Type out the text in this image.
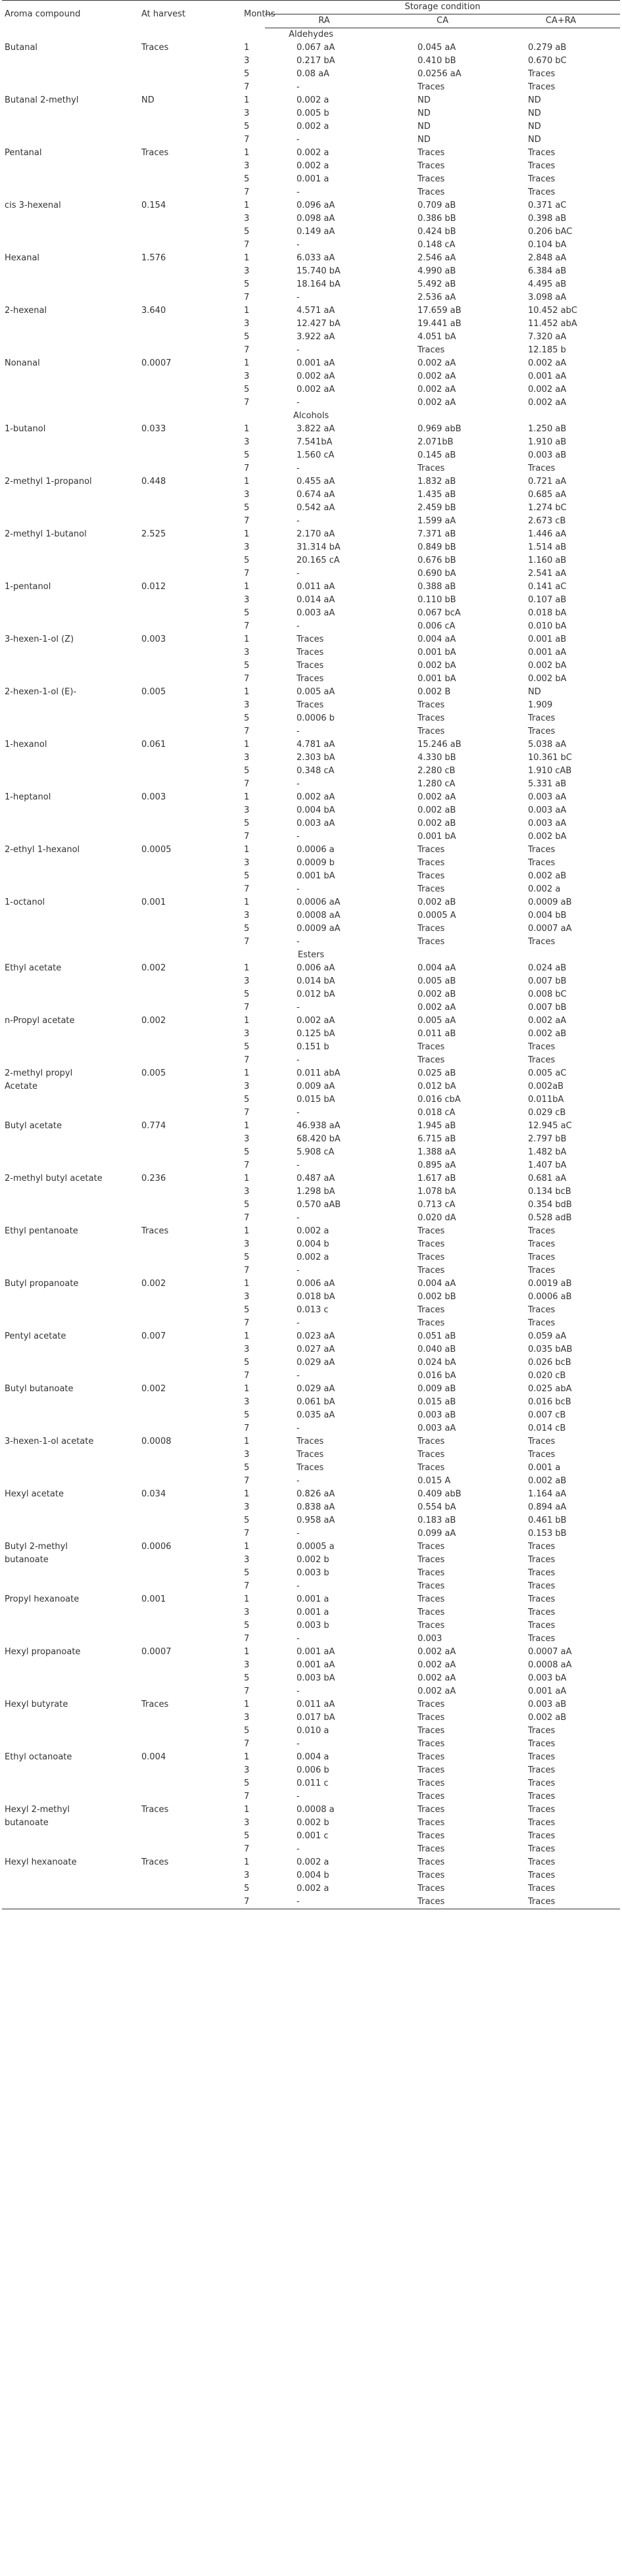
Aroma compound	At harvest	Months	Storage condition		
			RA	CA	CA+RA
Aldehydes					
Butanal	Traces	1	0.067 aA	0.045 aA	0.279 aB
		3	0.217 bA	0.410 bB	0.670 bC
		5	0.08 aA	0.0256 aA	Traces
		7	-	Traces	Traces
Butanal 2-methyl	ND	1	0.002 a	ND	ND
		3	0.005 b	ND	ND
		5	0.002 a	ND	ND
		7	-	ND	ND
Pentanal	Traces	1	0.002 a	Traces	Traces
		3	0.002 a	Traces	Traces
		5	0.001 a	Traces	Traces
		7	-	Traces	Traces
cis 3-hexenal	0.154	1	0.096 aA	0.709 aB	0.371 aC
		3	0.098 aA	0.386 bB	0.398 aB
		5	0.149 aA	0.424 bB	0.206 bAC
		7	-	0.148 cA	0.104 bA
Hexanal	1.576	1	6.033 aA	2.546 aA	2.848 aA
		3	15.740 bA	4.990 aB	6.384 aB
		5	18.164 bA	5.492 aB	4.495 aB
		7	-	2.536 aA	3.098 aA
2-hexenal	3.640	1	4.571 aA	17.659 aB	10.452 abC
		3	12.427 bA	19.441 aB	11.452 abA
		5	3.922 aA	4.051 bA	7.320 aA
		7	-	Traces	12.185 b
Nonanal	0.0007	1	0.001 aA	0.002 aA	0.002 aA
		3	0.002 aA	0.002 aA	0.001 aA
		5	0.002 aA	0.002 aA	0.002 aA
		7	-	0.002 aA	0.002 aA
Alcohols					
1-butanol	0.033	1	3.822 aA	0.969 abB	1.250 aB
		3	7.541bA	2.071bB	1.910 aB
		5	1.560 cA	0.145 aB	0.003 aB
		7	-	Traces	Traces
2-methyl 1-propanol	0.448	1	0.455 aA	1.832 aB	0.721 aA
		3	0.674 aA	1.435 aB	0.685 aA
		5	0.542 aA	2.459 bB	1.274 bC
		7	-	1.599 aA	2.673 cB
2-methyl 1-butanol	2.525	1	2.170 aA	7.371 aB	1.446 aA
		3	31.314 bA	0.849 bB	1.514 aB
		5	20.165 cA	0.676 bB	1.160 aB
		7	-	0.690 bA	2.541 aA
1-pentanol	0.012	1	0.011 aA	0.388 aB	0.141 aC
		3	0.014 aA	0.110 bB	0.107 aB
		5	0.003 aA	0.067 bcA	0.018 bA
		7	-	0.006 cA	0.010 bA
3-hexen-1-ol (Z)	0.003	1	Traces	0.004 aA	0.001 aB
		3	Traces	0.001 bA	0.001 aA
		5	Traces	0.002 bA	0.002 bA
		7	Traces	0.001 bA	0.002 bA
2-hexen-1-ol (E)-	0.005	1	0.005 aA	0.002 B	ND
		3	Traces	Traces	1.909
		5	0.0006 b	Traces	Traces
		7	-	Traces	Traces
1-hexanol	0.061	1	4.781 aA	15.246 aB	5.038 aA
		3	2.303 bA	4.330 bB	10.361 bC
		5	0.348 cA	2.280 cB	1.910 cAB
		7	-	1.280 cA	5.331 aB
1-heptanol	0.003	1	0.002 aA	0.002 aA	0.003 aA
		3	0.004 bA	0.002 aB	0.003 aA
		5	0.003 aA	0.002 aB	0.003 aA
		7	-	0.001 bA	0.002 bA
2-ethyl 1-hexanol	0.0005	1	0.0006 a	Traces	Traces
		3	0.0009 b	Traces	Traces
		5	0.001 bA	Traces	0.002 aB
		7	-	Traces	0.002 a
1-octanol	0.001	1	0.0006 aA	0.002 aB	0.0009 aB
		3	0.0008 aA	0.0005 A	0.004 bB
		5	0.0009 aA	Traces	0.0007 aA
		7	-	Traces	Traces
Esters					
Ethyl acetate	0.002	1	0.006 aA	0.004 aA	0.024 aB
		3	0.014 bA	0.005 aB	0.007 bB
		5	0.012 bA	0.002 aB	0.008 bC
		7	-	0.002 aA	0.007 bB
n-Propyl acetate	0.002	1	0.002 aA	0.005 aA	0.002 aA
		3	0.125 bA	0.011 aB	0.002 aB
		5	0.151 b	Traces	Traces
		7	-	Traces	Traces
2-methyl propyl	0.005	1	0.011 abA	0.025 aB	0.005 aC
Acetate		3	0.009 aA	0.012 bA	0.002aB
		5	0.015 bA	0.016 cbA	0.011bA
		7	-	0.018 cA	0.029 cB
Butyl acetate	0.774	1	46.938 aA	1.945 aB	12.945 aC
		3	68.420 bA	6.715 aB	2.797 bB
		5	5.908 cA	1.388 aA	1.482 bA
		7	-	0.895 aA	1.407 bA
2-methyl butyl acetate	0.236	1	0.487 aA	1.617 aB	0.681 aA
		3	1.298 bA	1.078 bA	0.134 bcB
		5	0.570 aAB	0.713 cA	0.354 bdB
		7	-	0.020 dA	0.528 adB
Ethyl pentanoate	Traces	1	0.002 a	Traces	Traces
		3	0.004 b	Traces	Traces
		5	0.002 a	Traces	Traces
		7	-	Traces	Traces
Butyl propanoate	0.002	1	0.006 aA	0.004 aA	0.0019 aB
		3	0.018 bA	0.002 bB	0.0006 aB
		5	0.013 c	Traces	Traces
		7	-	Traces	Traces
Pentyl acetate	0.007	1	0.023 aA	0.051 aB	0.059 aA
		3	0.027 aA	0.040 aB	0.035 bAB
		5	0.029 aA	0.024 bA	0.026 bcB
		7	-	0.016 bA	0.020 cB
Butyl butanoate	0.002	1	0.029 aA	0.009 aB	0.025 abA
		3	0.061 bA	0.015 aB	0.016 bcB
		5	0.035 aA	0.003 aB	0.007 cB
		7	-	0.003 aA	0.014 cB
3-hexen-1-ol acetate	0.0008	1	Traces	Traces	Traces
		3	Traces	Traces	Traces
		5	Traces	Traces	0.001 a
		7	-	0.015 A	0.002 aB
Hexyl acetate	0.034	1	0.826 aA	0.409 abB	1.164 aA
		3	0.838 aA	0.554 bA	0.894 aA
		5	0.958 aA	0.183 aB	0.461 bB
		7	-	0.099 aA	0.153 bB
Butyl 2-methyl	0.0006	1	0.0005 a	Traces	Traces
butanoate		3	0.002 b	Traces	Traces
		5	0.003 b	Traces	Traces
		7	-	Traces	Traces
Propyl hexanoate	0.001	1	0.001 a	Traces	Traces
		3	0.001 a	Traces	Traces
		5	0.003 b	Traces	Traces
		7	-	0.003	Traces
Hexyl propanoate	0.0007	1	0.001 aA	0.002 aA	0.0007 aA
		3	0.001 aA	0.002 aA	0.0008 aA
		5	0.003 bA	0.002 aA	0.003 bA
		7	-	0.002 aA	0.001 aA
Hexyl butyrate	Traces	1	0.011 aA	Traces	0.003 aB
		3	0.017 bA	Traces	0.002 aB
		5	0.010 a	Traces	Traces
		7	-	Traces	Traces
Ethyl octanoate	0.004	1	0.004 a	Traces	Traces
		3	0.006 b	Traces	Traces
		5	0.011 c	Traces	Traces
		7	-	Traces	Traces
Hexyl 2-methyl	Traces	1	0.0008 a	Traces	Traces
butanoate		3	0.002 b	Traces	Traces
		5	0.001 c	Traces	Traces
		7	-	Traces	Traces
Hexyl hexanoate	Traces	1	0.002 a	Traces	Traces
		3	0.004 b	Traces	Traces
		5	0.002 a	Traces	Traces
		7	-	Traces	Traces
